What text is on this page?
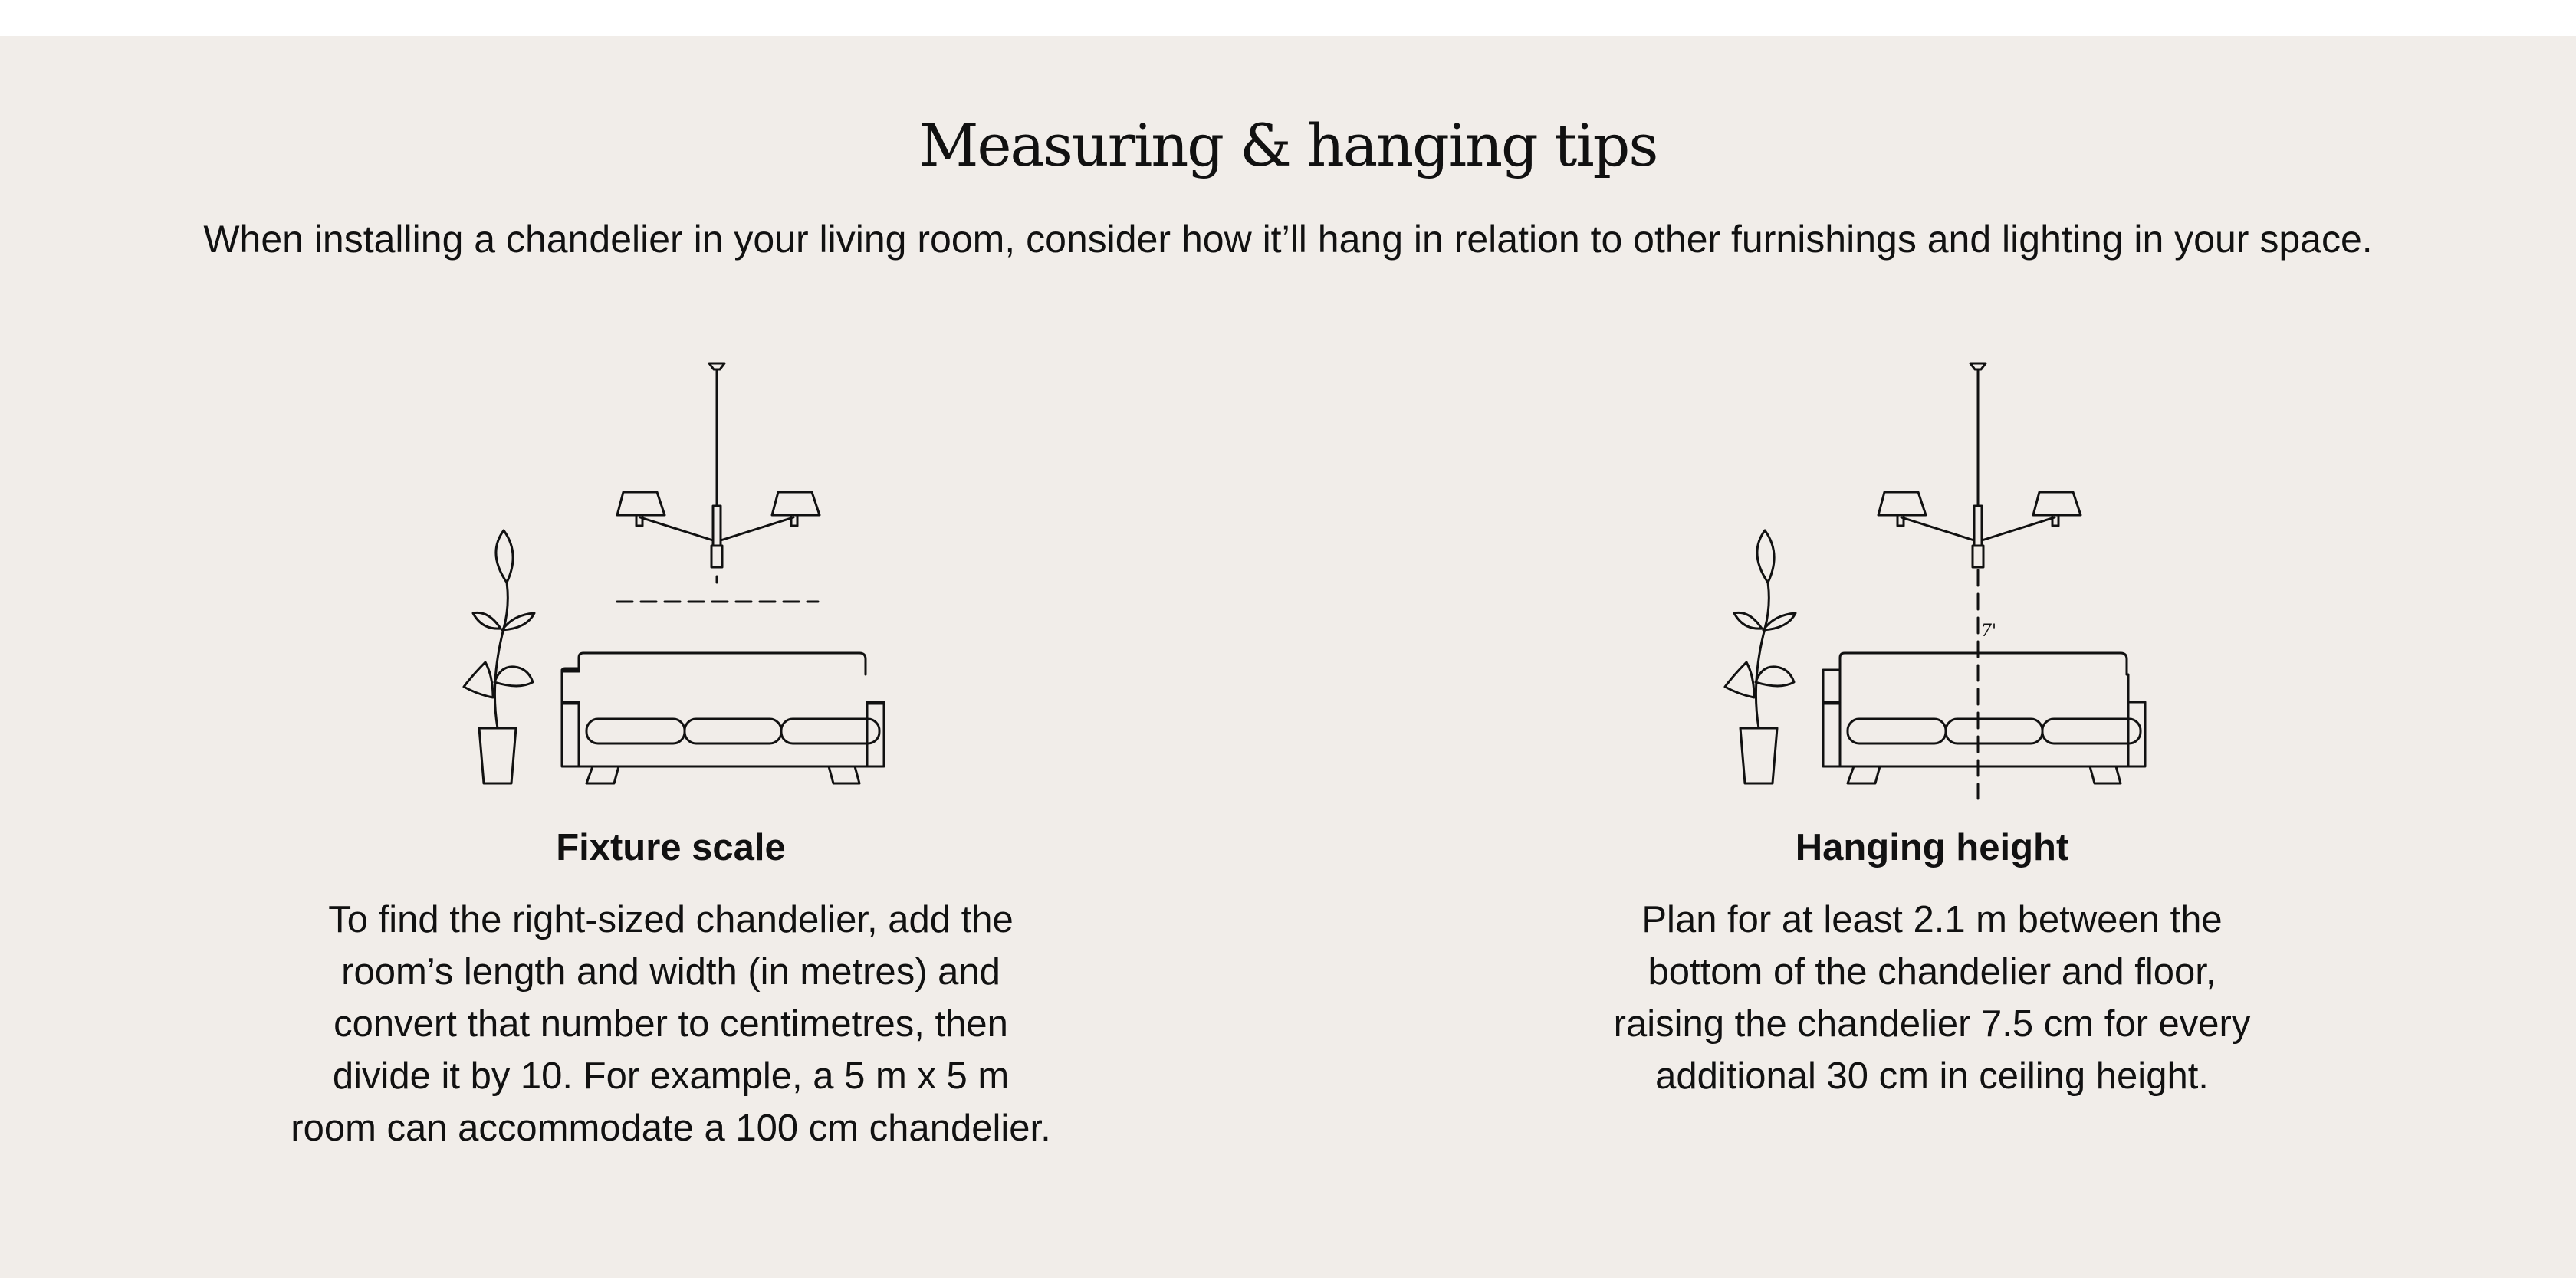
Measuring & hanging tips

When installing a chandelier in your living room, consider how it’ll hang in relation to other furnishings and lighting in your space.

Fixture scale

To find the right-sized chandelier, add the
room’s length and width (in metres) and
convert that number to centimetres, then
divide it by 10. For example, a 5 m x 5 m
room can accommodate a 100 cm chandelier.

7'
Hanging height

Plan for at least 2.1 m between the
bottom of the chandelier and floor,
raising the chandelier 7.5 cm for every
additional 30 cm in ceiling height.
